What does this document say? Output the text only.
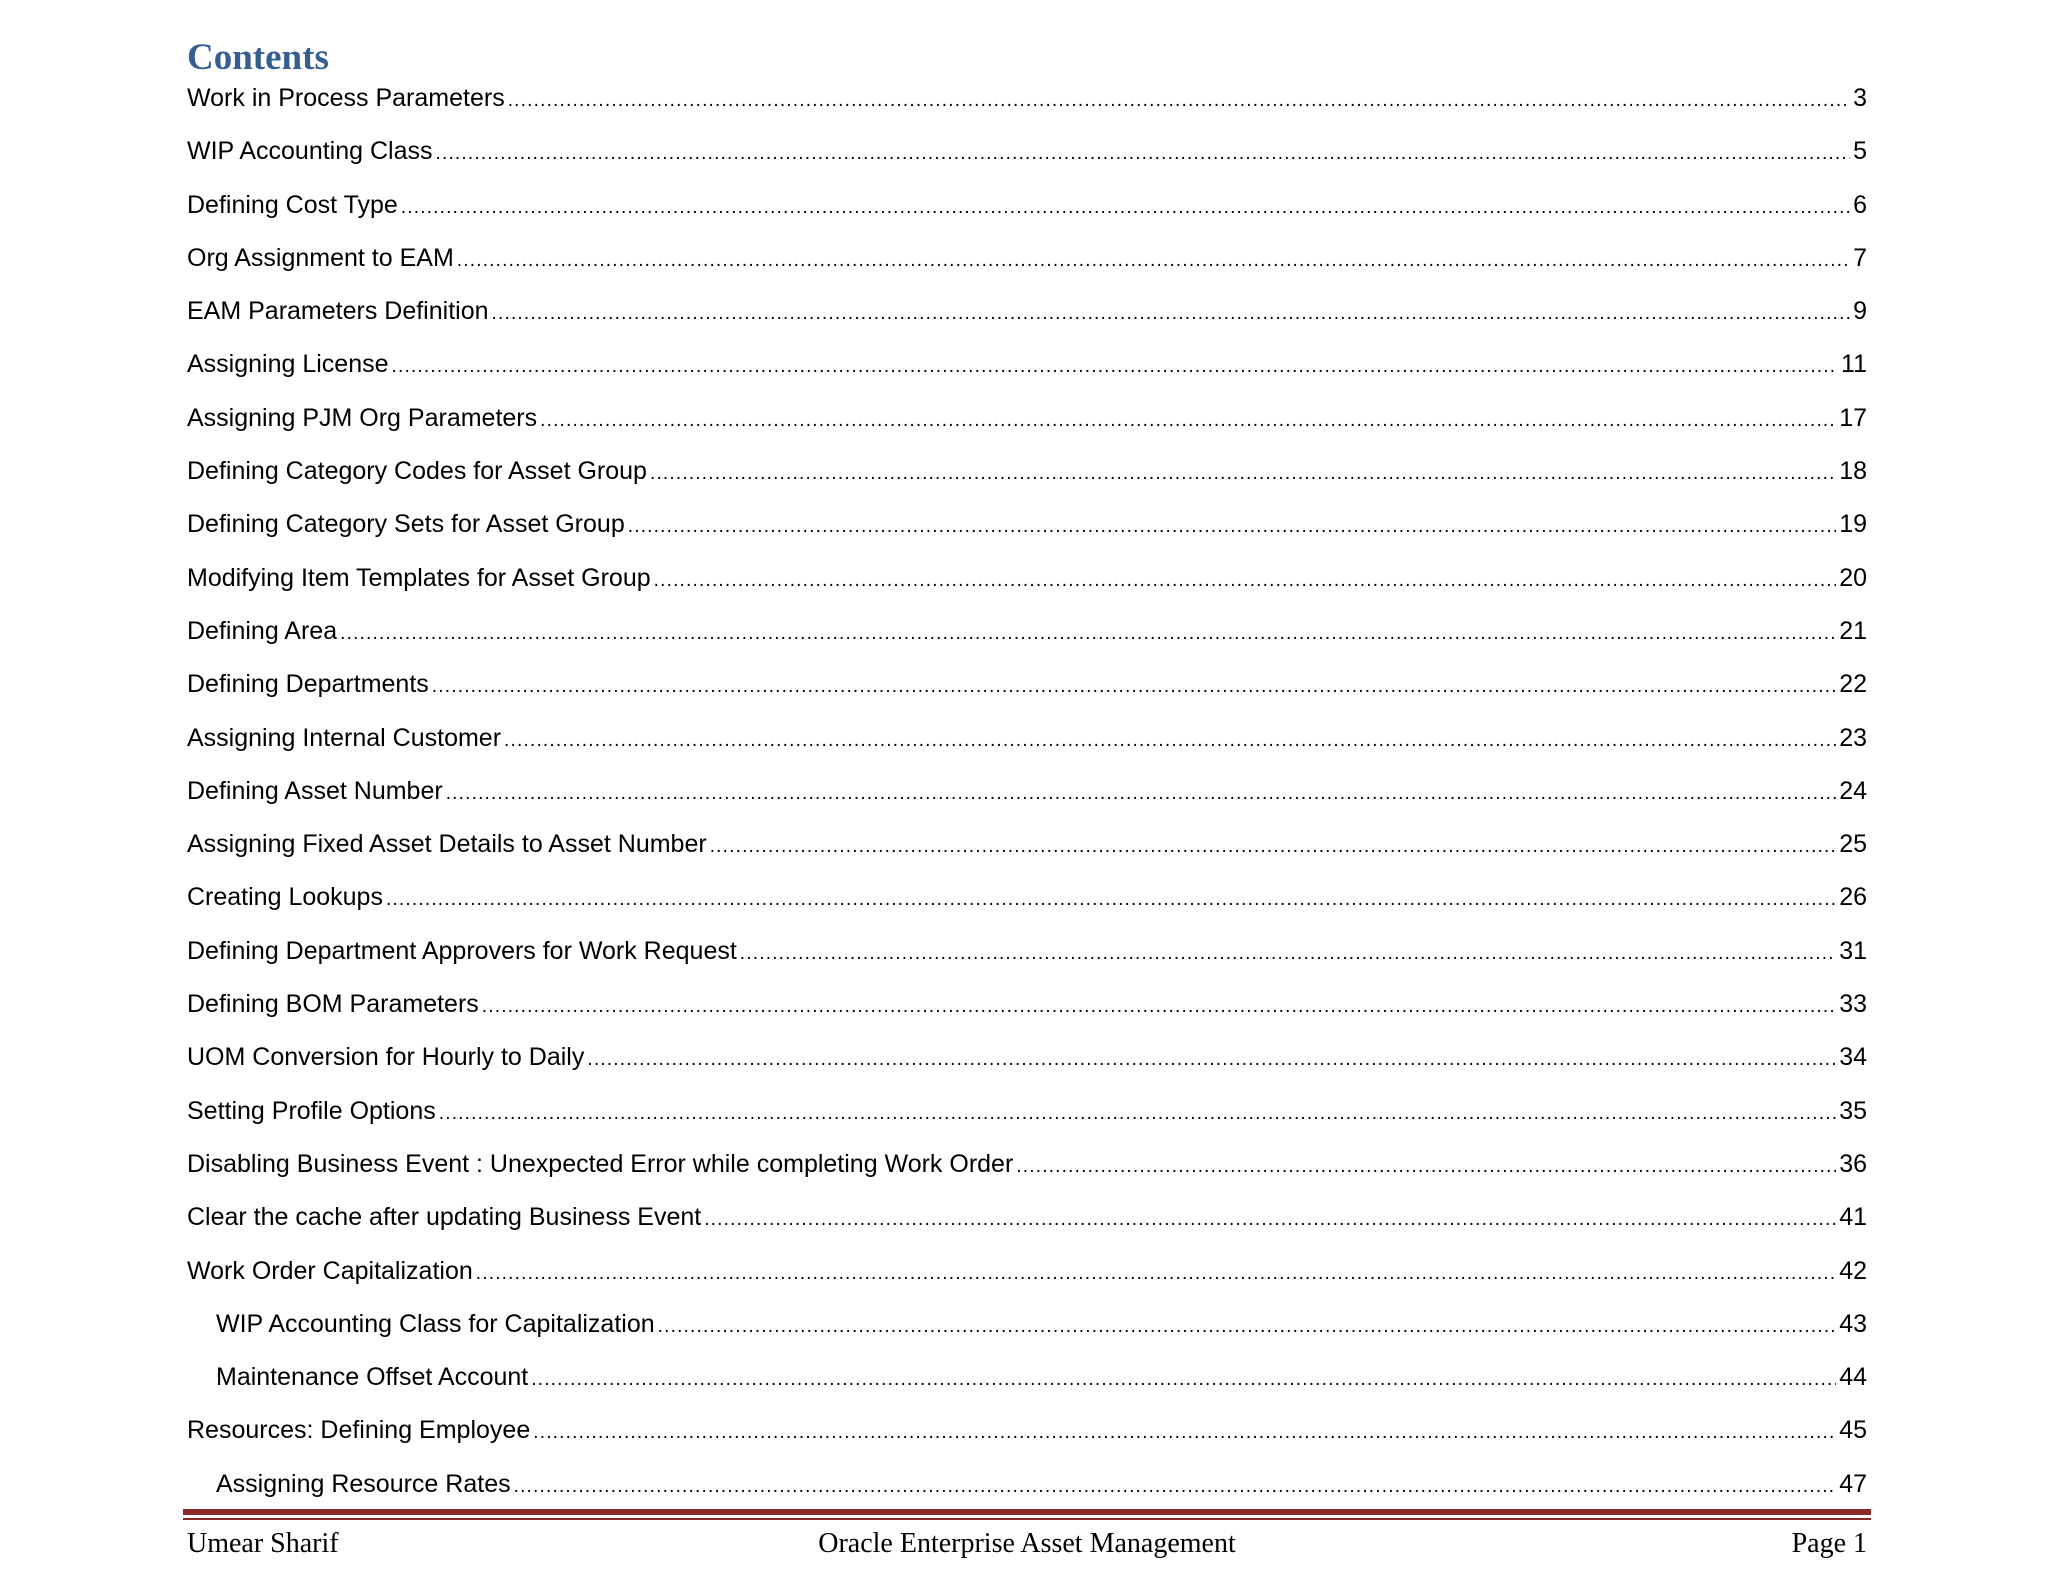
Contents
Work in Process Parameters .....	3
WIP Accounting Class .....	5
Defining Cost Type .....	6
Org Assignment to EAM .....	7
EAM Parameters Definition .....	9
Assigning License .....	11
Assigning PJM Org Parameters .....	17
Defining Category Codes for Asset Group .....	18
Defining Category Sets for Asset Group .....	19
Modifying Item Templates for Asset Group .....	20
Defining Area .....	21
Defining Departments .....	22
Assigning Internal Customer .....	23
Defining Asset Number .....	24
Assigning Fixed Asset Details to Asset Number .....	25
Creating Lookups .....	26
Defining Department Approvers for Work Request .....	31
Defining BOM Parameters .....	33
UOM Conversion for Hourly to Daily .....	34
Setting Profile Options .....	35
Disabling Business Event : Unexpected Error while completing Work Order .....	36
Clear the cache after updating Business Event .....	41
Work Order Capitalization .....	42
WIP Accounting Class for Capitalization .....	43
Maintenance Offset Account .....	44
Resources: Defining Employee .....	45
Assigning Resource Rates .....	47
Umear Sharif	Oracle Enterprise Asset Management	Page 1
